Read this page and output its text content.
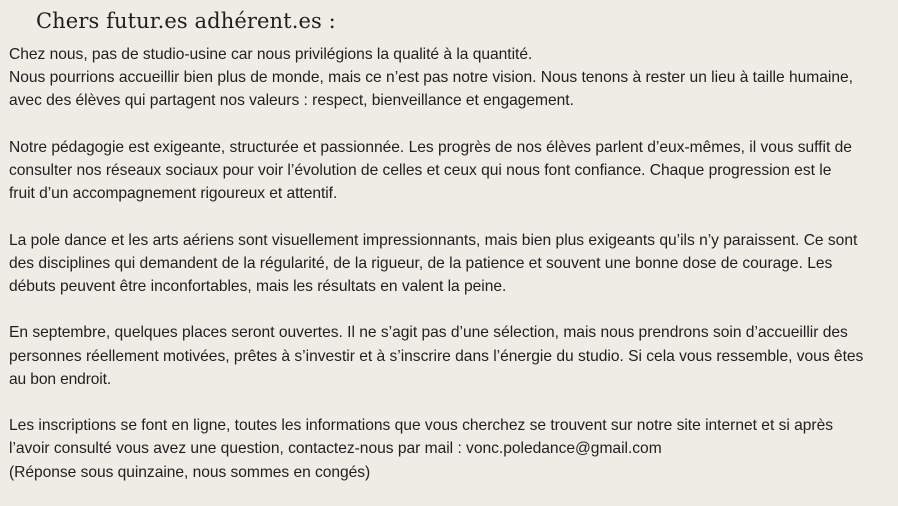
Chers futur.es adhérent.es :

Chez nous, pas de studio-usine car nous privilégions la qualité à la quantité.
Nous pourrions accueillir bien plus de monde, mais ce n’est pas notre vision. Nous tenons à rester un lieu à taille humaine,
avec des élèves qui partagent nos valeurs : respect, bienveillance et engagement.

Notre pédagogie est exigeante, structurée et passionnée. Les progrès de nos élèves parlent d’eux-mêmes, il vous suffit de
consulter nos réseaux sociaux pour voir l’évolution de celles et ceux qui nous font confiance. Chaque progression est le
fruit d’un accompagnement rigoureux et attentif.

La pole dance et les arts aériens sont visuellement impressionnants, mais bien plus exigeants qu’ils n’y paraissent. Ce sont
des disciplines qui demandent de la régularité, de la rigueur, de la patience et souvent une bonne dose de courage. Les
débuts peuvent être inconfortables, mais les résultats en valent la peine.

En septembre, quelques places seront ouvertes. Il ne s’agit pas d’une sélection, mais nous prendrons soin d’accueillir des
personnes réellement motivées, prêtes à s’investir et à s’inscrire dans l’énergie du studio. Si cela vous ressemble, vous êtes
au bon endroit.

Les inscriptions se font en ligne, toutes les informations que vous cherchez se trouvent sur notre site internet et si après
l’avoir consulté vous avez une question, contactez-nous par mail : vonc.poledance@gmail.com
(Réponse sous quinzaine, nous sommes en congés)
